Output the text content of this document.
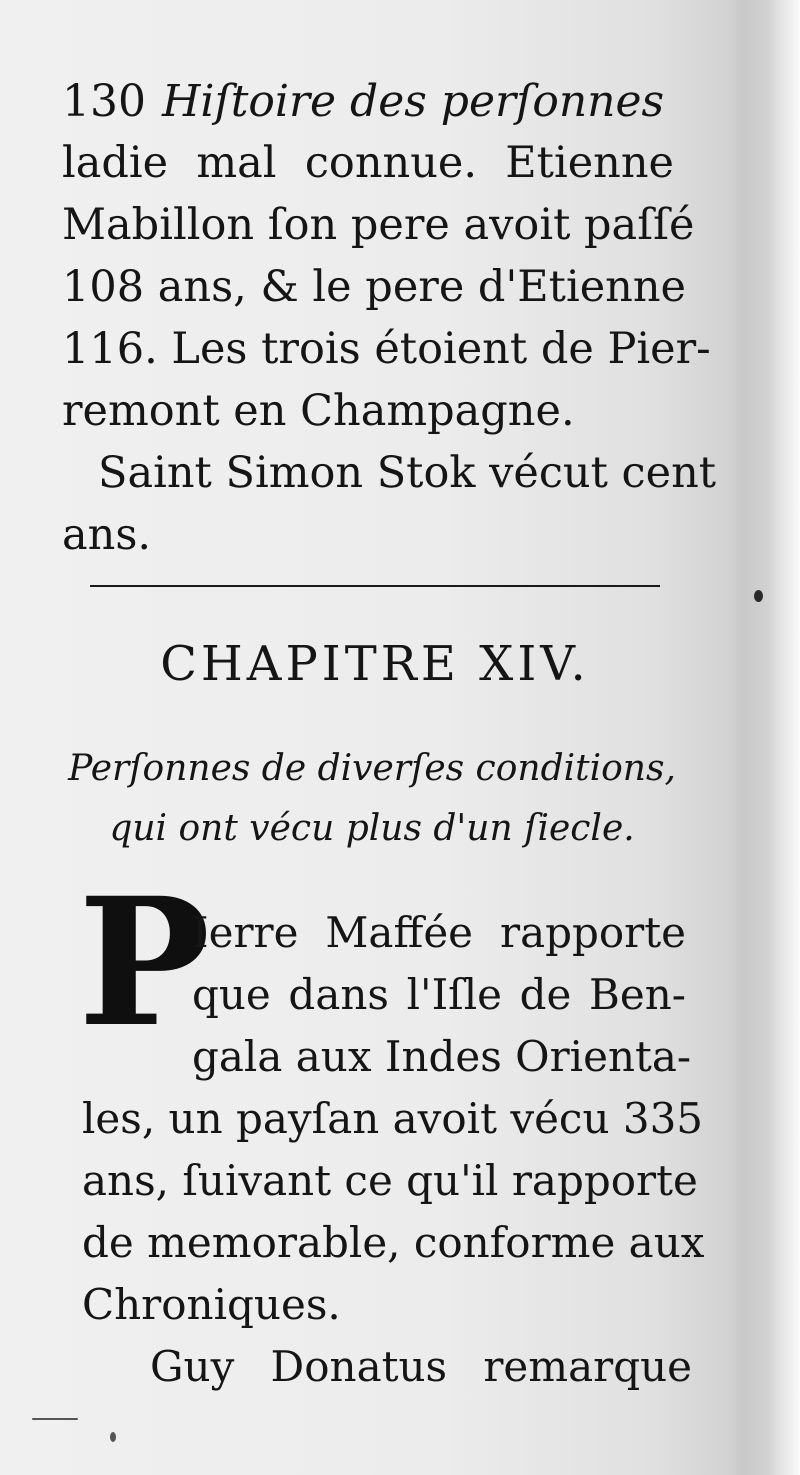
130 Hiſtoire des perſonnes
ladie mal connue. Etienne
Mabillon ſon pere avoit paſſé
108 ans, & le pere d'Etienne
116. Les trois étoient de Pier-
remont en Champagne.
Saint Simon Stok vécut cent
ans.
CHAPITRE XIV.
Perſonnes de diverſes conditions,
qui ont vécu plus d'un ſiecle.
P
Ierre Maffée rapporte
que dans l'Iſle de Ben-
gala aux Indes Orienta-
les, un payſan avoit vécu 335
ans, ſuivant ce qu'il rapporte
de memorable, conforme aux
Chroniques.
Guy Donatus remarque
